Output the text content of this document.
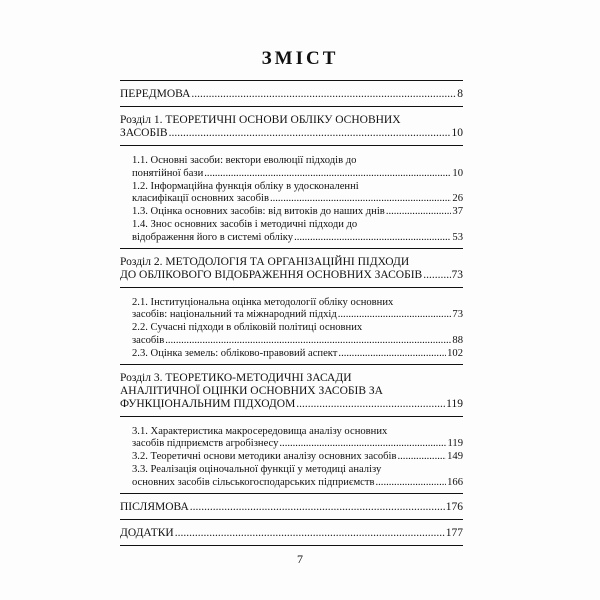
ЗМІСТ
ПЕРЕДМОВА .....	8
Розділ 1. ТЕОРЕТИЧНІ ОСНОВИ ОБЛІКУ ОСНОВНИХ
ЗАСОБІВ .....	10
1.1. Основні засоби: вектори еволюції підходів до
понятійної бази .....	10
1.2. Інформаційна функція обліку в удосконаленні
класифікації основних засобів .....	26
1.3. Оцінка основних засобів: від витоків до наших днів .....	37
1.4. Знос основних засобів і методичні підходи до
відображення його в системі обліку .....	53
Розділ 2. МЕТОДОЛОГІЯ ТА ОРГАНІЗАЦІЙНІ ПІДХОДИ
ДО ОБЛІКОВОГО ВІДОБРАЖЕННЯ ОСНОВНИХ ЗАСОБІВ .....	73
2.1. Інституціональна оцінка методології обліку основних
засобів: національний та міжнародний підхід .....	73
2.2. Сучасні підходи в обліковій політиці основних
засобів .....	88
2.3. Оцінка земель: обліково-правовий аспект .....	102
Розділ 3. ТЕОРЕТИКО-МЕТОДИЧНІ ЗАСАДИ
АНАЛІТИЧНОЇ ОЦІНКИ ОСНОВНИХ ЗАСОБІВ ЗА
ФУНКЦІОНАЛЬНИМ ПІДХОДОМ .....	119
3.1. Характеристика макросередовища аналізу основних
засобів підприємств агробізнесу .....	119
3.2. Теоретичні основи методики аналізу основних засобів .....	149
3.3. Реалізація оціночальної функції у методиці аналізу
основних засобів сільськогосподарських підприємств .....	166
ПІСЛЯМОВА .....	176
ДОДАТКИ .....	177
7
